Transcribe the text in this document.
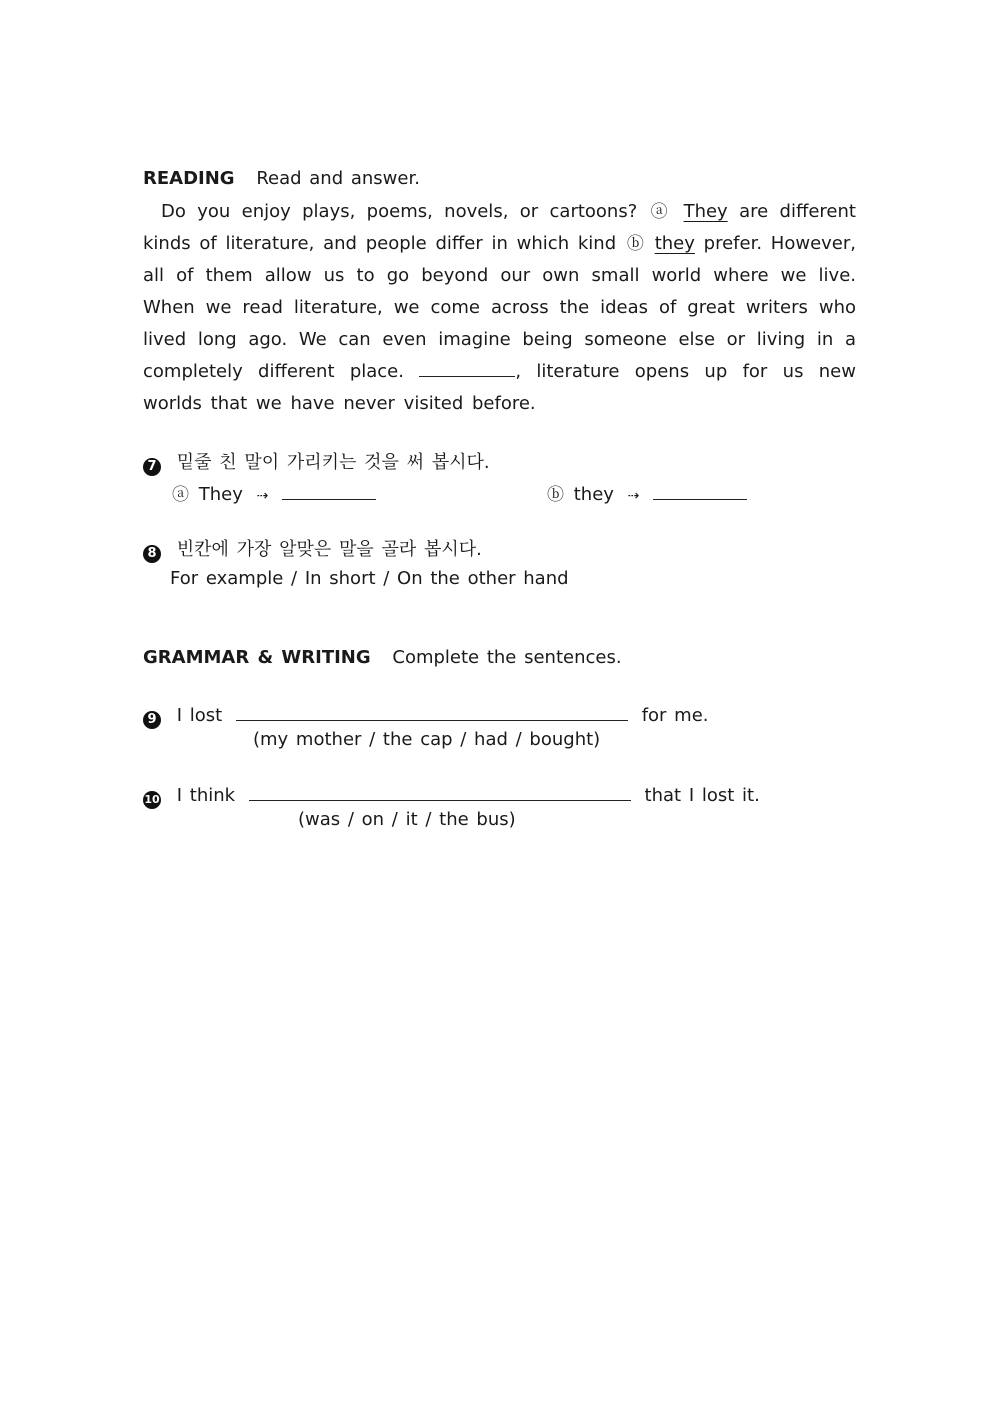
READING Read and answer.

Do you enjoy plays, poems, novels, or cartoons? ⓐ They are different kinds of literature, and people differ in which kind ⓑ they prefer. However, all of them allow us to go beyond our own small world where we live. When we read literature, we come across the ideas of great writers who lived long ago. We can even imagine being someone else or living in a completely different place.	, literature opens up for us new worlds that we have never visited before.

7 밑줄 친 말이 가리키는 것을 써 봅시다.
ⓐ They ⇢	ⓑ they ⇢
8 빈칸에 가장 알맞은 말을 골라 봅시다.
For example / In short / On the other hand
GRAMMAR & WRITING Complete the sentences.
9 I lost	for me.
(my mother / the cap / had / bought)
10 I think	that I lost it.
(was / on / it / the bus)
